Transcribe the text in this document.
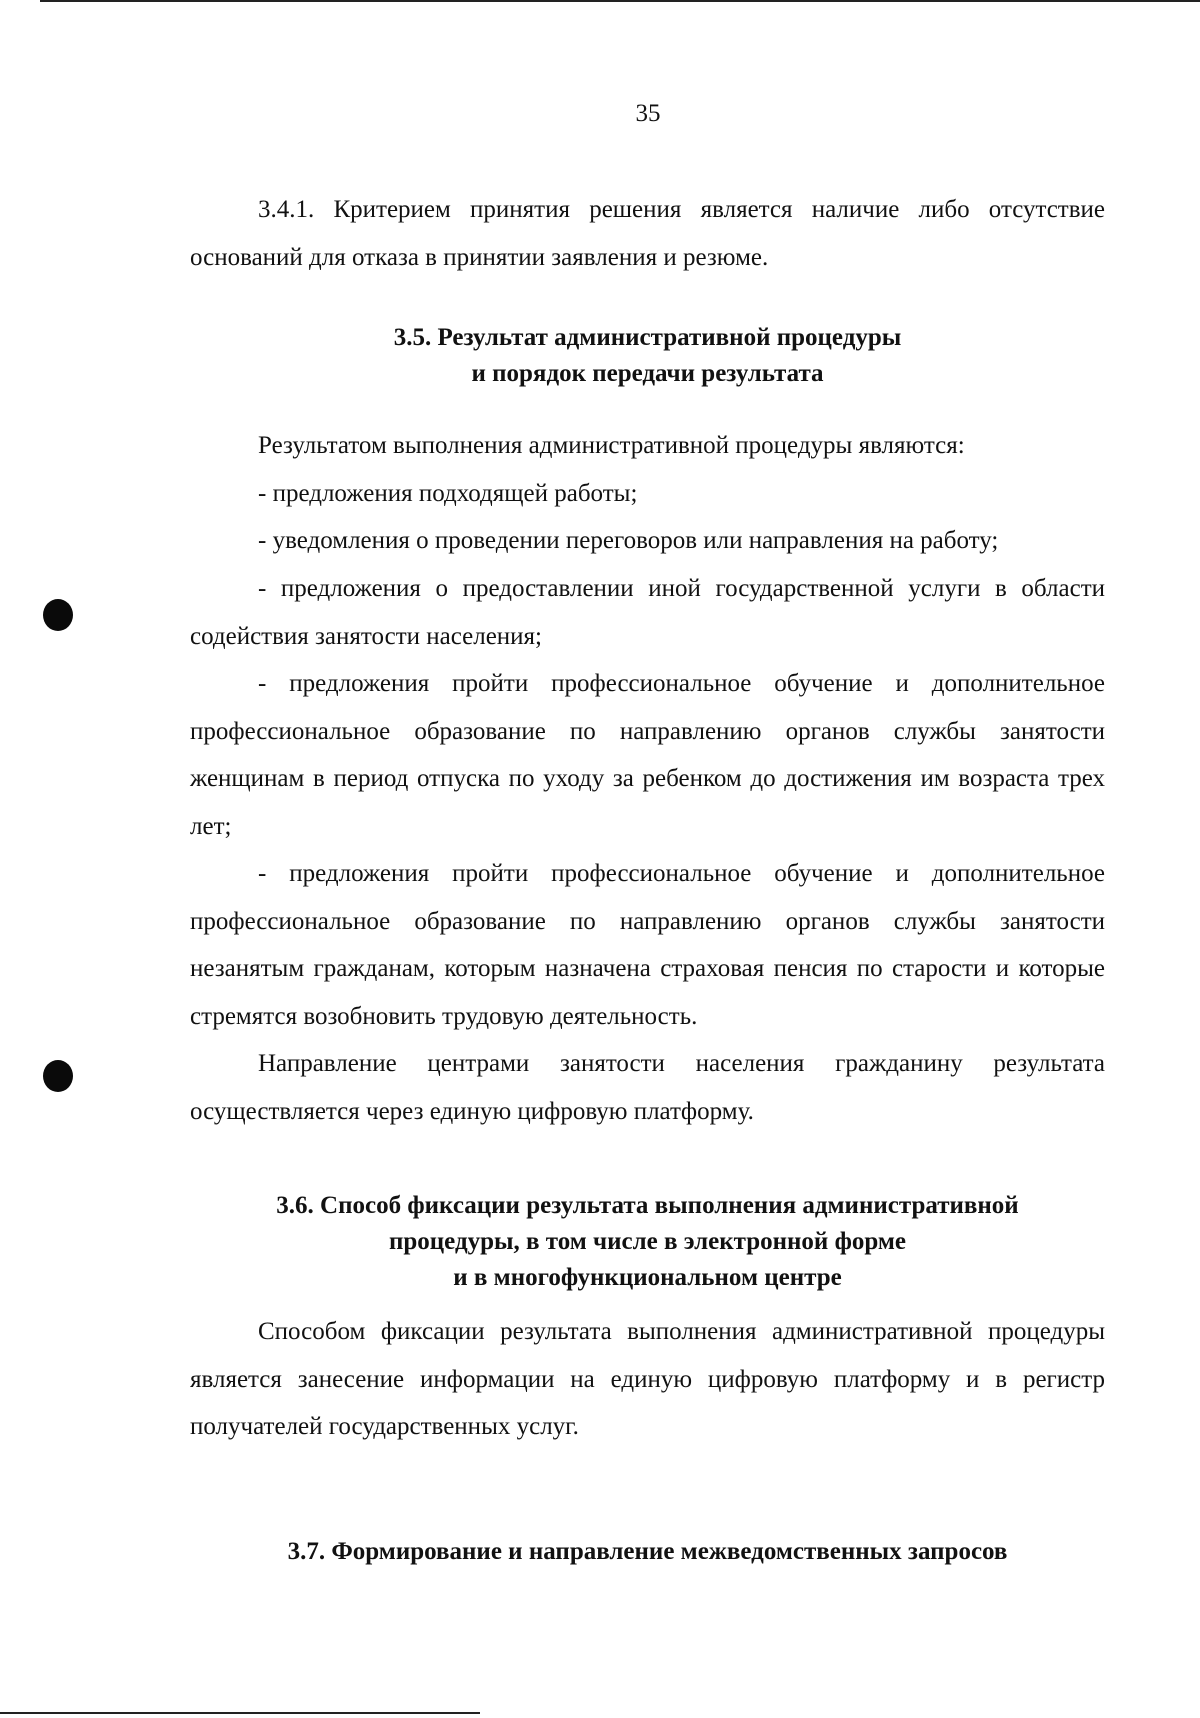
35

3.4.1. Критерием принятия решения является наличие либо отсутствие оснований для отказа в принятии заявления и резюме.

3.5. Результат административной процедуры
и порядок передачи результата

Результатом выполнения административной процедуры являются:

- предложения подходящей работы;

- уведомления о проведении переговоров или направления на работу;

- предложения о предоставлении иной государственной услуги в области содействия занятости населения;

- предложения пройти профессиональное обучение и дополнительное профессиональное образование по направлению органов службы занятости женщинам в период отпуска по уходу за ребенком до достижения им возраста трех лет;

- предложения пройти профессиональное обучение и дополнительное профессиональное образование по направлению органов службы занятости незанятым гражданам, которым назначена страховая пенсия по старости и которые стремятся возобновить трудовую деятельность.

Направление центрами занятости населения гражданину результата осуществляется через единую цифровую платформу.

3.6. Способ фиксации результата выполнения административной
процедуры, в том числе в электронной форме
и в многофункциональном центре

Способом фиксации результата выполнения административной процедуры является занесение информации на единую цифровую платформу и в регистр получателей государственных услуг.

3.7. Формирование и направление межведомственных запросов
